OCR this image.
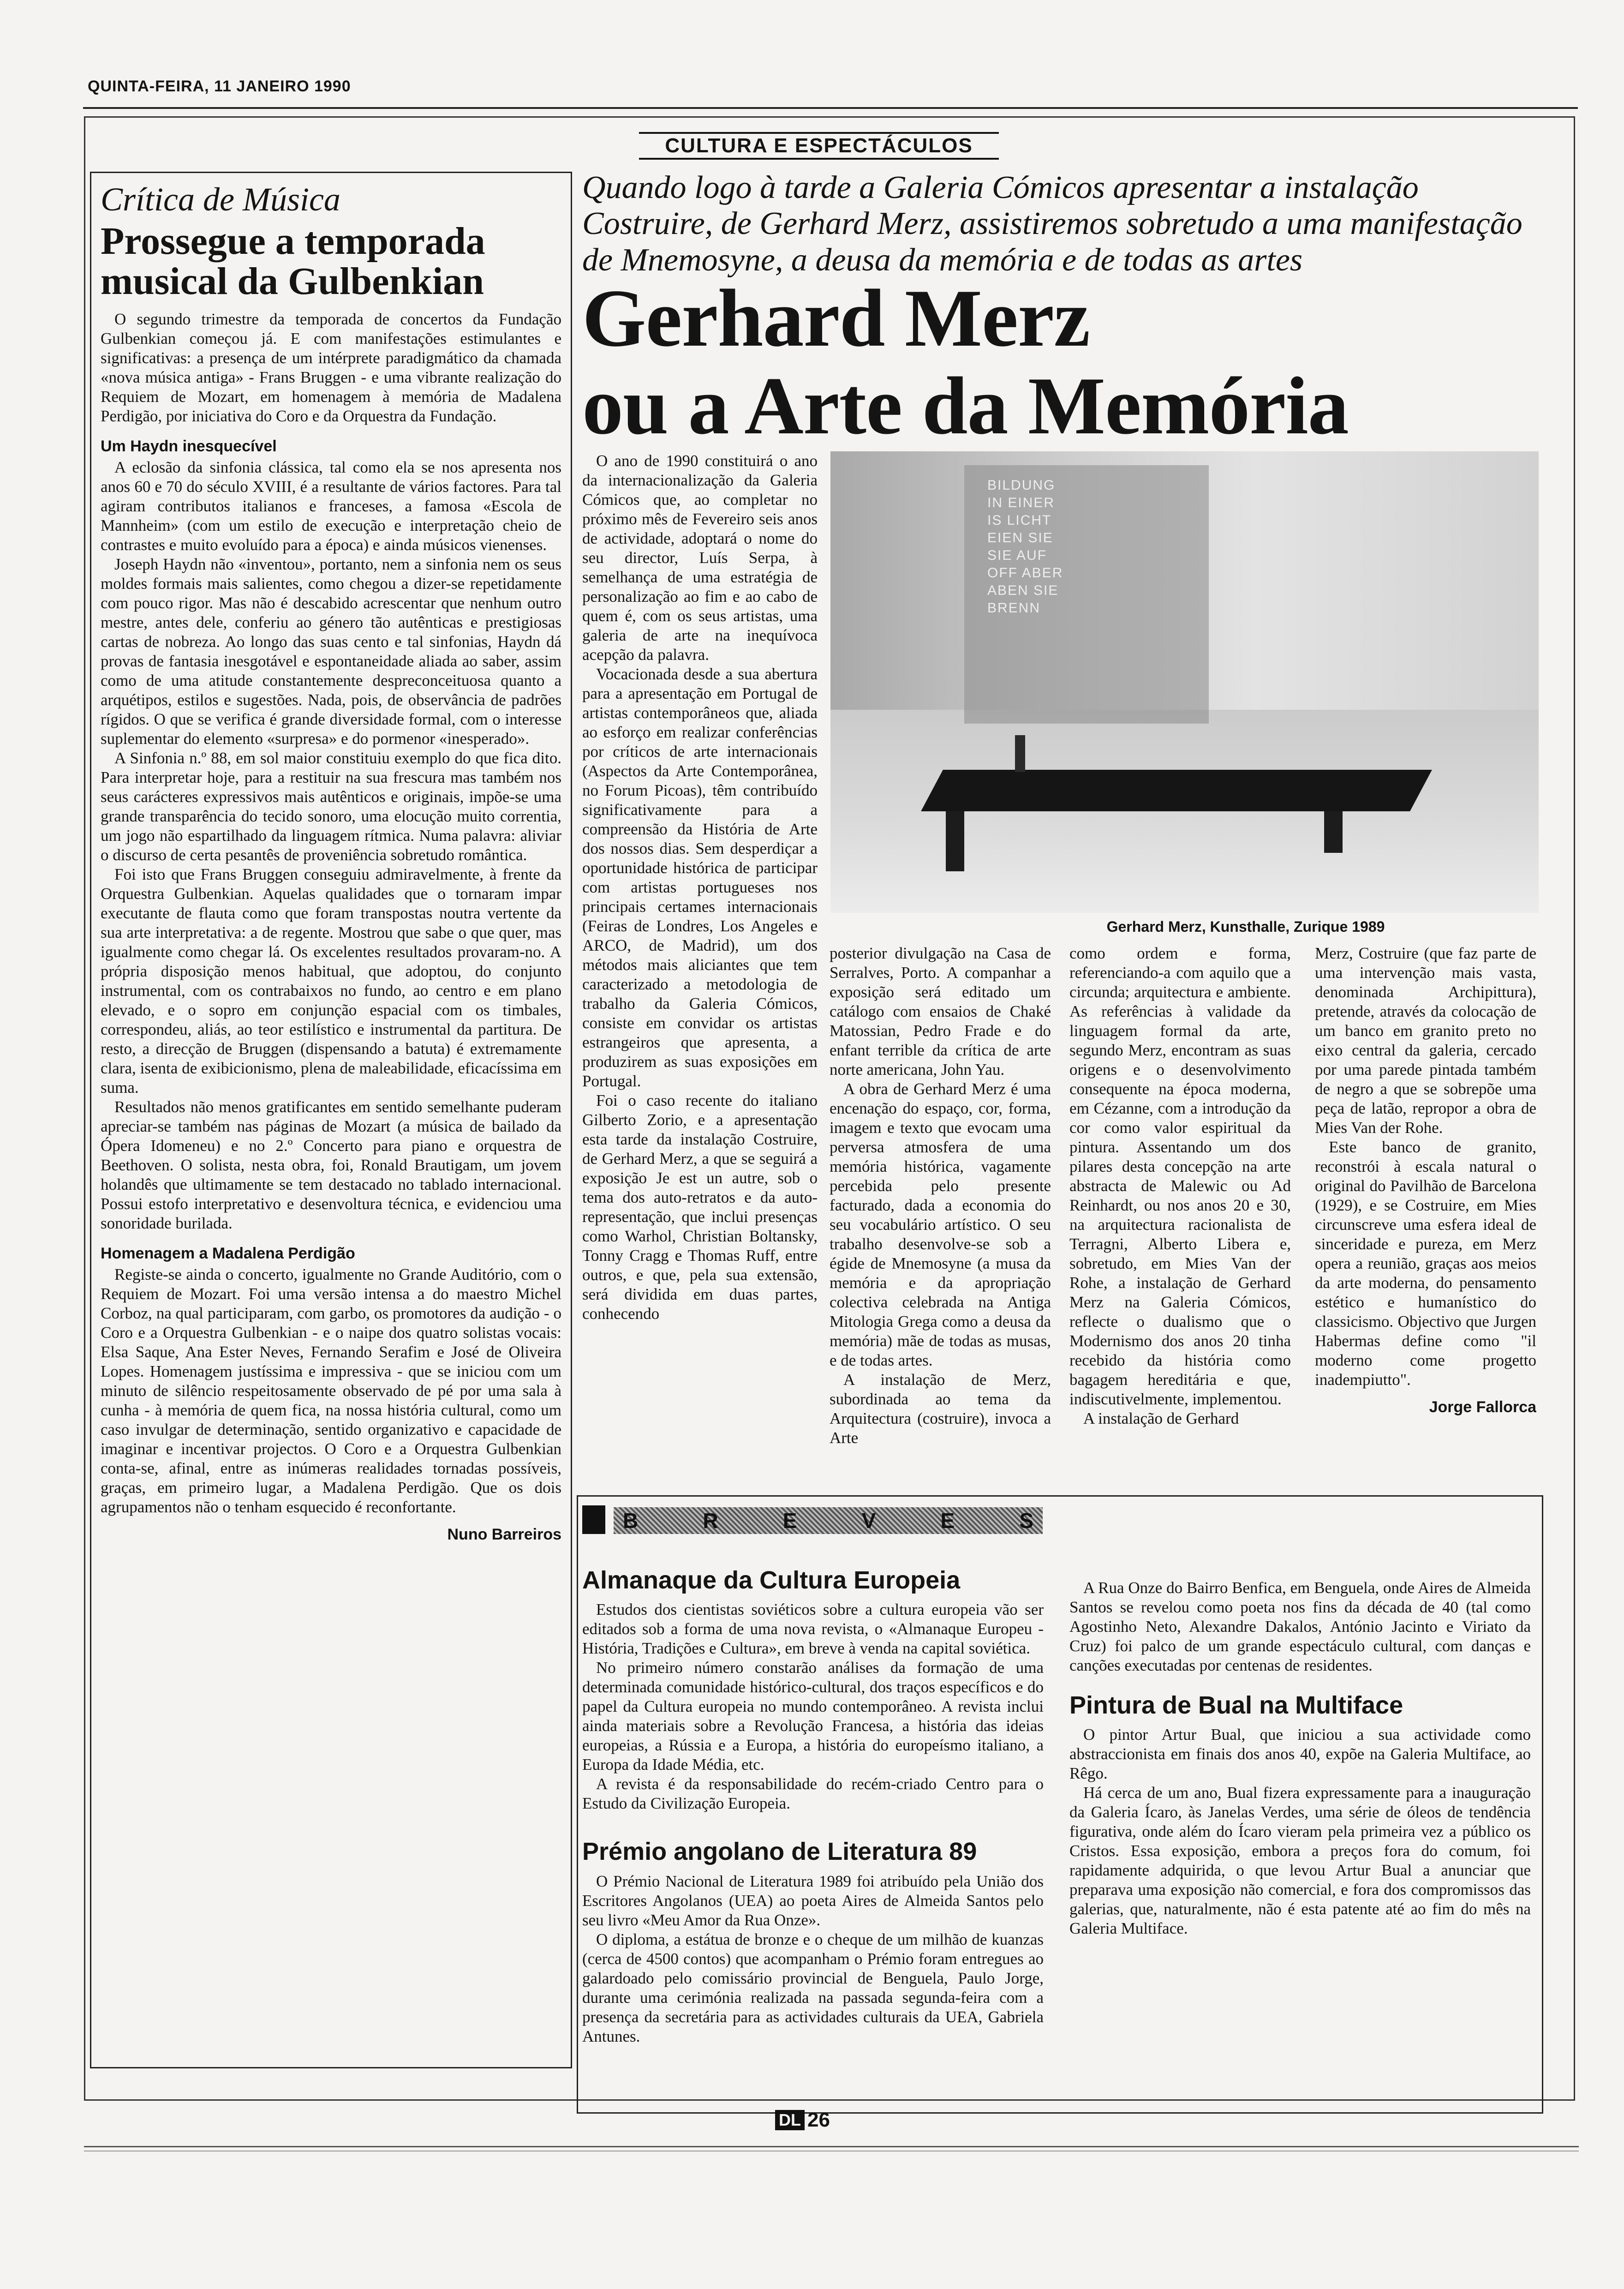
QUINTA-FEIRA, 11 JANEIRO 1990
CULTURA E ESPECTÁCULOS
Crítica de Música
Prossegue a temporada musical da Gulbenkian

O segundo trimestre da temporada de concertos da Fundação Gulbenkian começou já. E com manifestações estimulantes e significativas: a presença de um intérprete paradigmático da chamada «nova música antiga» - Frans Bruggen - e uma vibrante realização do Requiem de Mozart, em homenagem à memória de Madalena Perdigão, por iniciativa do Coro e da Orquestra da Fundação.

Um Haydn inesquecível

A eclosão da sinfonia clássica, tal como ela se nos apresenta nos anos 60 e 70 do século XVIII, é a resultante de vários factores. Para tal agiram contributos italianos e franceses, a famosa «Escola de Mannheim» (com um estilo de execução e interpretação cheio de contrastes e muito evoluído para a época) e ainda músicos vienenses.

Joseph Haydn não «inventou», portanto, nem a sinfonia nem os seus moldes formais mais salientes, como chegou a dizer-se repetidamente com pouco rigor. Mas não é descabido acrescentar que nenhum outro mestre, antes dele, conferiu ao género tão autênticas e prestigiosas cartas de nobreza. Ao longo das suas cento e tal sinfonias, Haydn dá provas de fantasia inesgotável e espontaneidade aliada ao saber, assim como de uma atitude constantemente despreconceituosa quanto a arquétipos, estilos e sugestões. Nada, pois, de observância de padrões rígidos. O que se verifica é grande diversidade formal, com o interesse suplementar do elemento «surpresa» e do pormenor «inesperado».

A Sinfonia n.º 88, em sol maior constituiu exemplo do que fica dito. Para interpretar hoje, para a restituir na sua frescura mas também nos seus carácteres expressivos mais autênticos e originais, impõe-se uma grande transparência do tecido sonoro, uma elocução muito correntia, um jogo não espartilhado da linguagem rítmica. Numa palavra: aliviar o discurso de certa pesantês de proveniência sobretudo romântica.

Foi isto que Frans Bruggen conseguiu admiravelmente, à frente da Orquestra Gulbenkian. Aquelas qualidades que o tornaram impar executante de flauta como que foram transpostas noutra vertente da sua arte interpretativa: a de regente. Mostrou que sabe o que quer, mas igualmente como chegar lá. Os excelentes resultados provaram-no. A própria disposição menos habitual, que adoptou, do conjunto instrumental, com os contrabaixos no fundo, ao centro e em plano elevado, e o sopro em conjunção espacial com os timbales, correspondeu, aliás, ao teor estilístico e instrumental da partitura. De resto, a direcção de Bruggen (dispensando a batuta) é extremamente clara, isenta de exibicionismo, plena de maleabilidade, eficacíssima em suma.

Resultados não menos gratificantes em sentido semelhante puderam apreciar-se também nas páginas de Mozart (a música de bailado da Ópera Idomeneu) e no 2.º Concerto para piano e orquestra de Beethoven. O solista, nesta obra, foi, Ronald Brautigam, um jovem holandês que ultimamente se tem destacado no tablado internacional. Possui estofo interpretativo e desenvoltura técnica, e evidenciou uma sonoridade burilada.

Homenagem a Madalena Perdigão

Registe-se ainda o concerto, igualmente no Grande Auditório, com o Requiem de Mozart. Foi uma versão intensa a do maestro Michel Corboz, na qual participaram, com garbo, os promotores da audição - o Coro e a Orquestra Gulbenkian - e o naipe dos quatro solistas vocais: Elsa Saque, Ana Ester Neves, Fernando Serafim e José de Oliveira Lopes. Homenagem justíssima e impressiva - que se iniciou com um minuto de silêncio respeitosamente observado de pé por uma sala à cunha - à memória de quem fica, na nossa história cultural, como um caso invulgar de determinação, sentido organizativo e capacidade de imaginar e incentivar projectos. O Coro e a Orquestra Gulbenkian conta-se, afinal, entre as inúmeras realidades tornadas possíveis, graças, em primeiro lugar, a Madalena Perdigão. Que os dois agrupamentos não o tenham esquecido é reconfortante.

Nuno Barreiros
Quando logo à tarde a Galeria Cómicos apresentar a instalação Costruire, de Gerhard Merz, assistiremos sobretudo a uma manifestação de Mnemosyne, a deusa da memória e de todas as artes
Gerhard Merz
ou a Arte da Memória
BILDUNG
IN EINER
IS LICHT
EIEN SIE
SIE AUF
OFF ABER
ABEN SIE
BRENN
Gerhard Merz, Kunsthalle, Zurique 1989

O ano de 1990 constituirá o ano da internacionalização da Galeria Cómicos que, ao completar no próximo mês de Fevereiro seis anos de actividade, adoptará o nome do seu director, Luís Serpa, à semelhança de uma estratégia de personalização ao fim e ao cabo de quem é, com os seus artistas, uma galeria de arte na inequívoca acepção da palavra.

Vocacionada desde a sua abertura para a apresentação em Portugal de artistas contemporâneos que, aliada ao esforço em realizar conferências por críticos de arte internacionais (Aspectos da Arte Contemporânea, no Forum Picoas), têm contribuído significativamente para a compreensão da História de Arte dos nossos dias. Sem desperdiçar a oportunidade histórica de participar com artistas portugueses nos principais certames internacionais (Feiras de Londres, Los Angeles e ARCO, de Madrid), um dos métodos mais aliciantes que tem caracterizado a metodologia de trabalho da Galeria Cómicos, consiste em convidar os artistas estrangeiros que apresenta, a produzirem as suas exposições em Portugal.

Foi o caso recente do italiano Gilberto Zorio, e a apresentação esta tarde da instalação Costruire, de Gerhard Merz, a que se seguirá a exposição Je est un autre, sob o tema dos auto-retratos e da auto-representação, que inclui presenças como Warhol, Christian Boltansky, Tonny Cragg e Thomas Ruff, entre outros, e que, pela sua extensão, será dividida em duas partes, conhecendo

posterior divulgação na Casa de Serralves, Porto. A companhar a exposição será editado um catálogo com ensaios de Chaké Matossian, Pedro Frade e do enfant terrible da crítica de arte norte americana, John Yau.

A obra de Gerhard Merz é uma encenação do espaço, cor, forma, imagem e texto que evocam uma perversa atmosfera de uma memória histórica, vagamente percebida pelo presente facturado, dada a economia do seu vocabulário artístico. O seu trabalho desenvolve-se sob a égide de Mnemosyne (a musa da memória e da apropriação colectiva celebrada na Antiga Mitologia Grega como a deusa da memória) mãe de todas as musas, e de todas artes.

A instalação de Merz, subordinada ao tema da Arquitectura (costruire), invoca a Arte

como ordem e forma, referenciando-a com aquilo que a circunda; arquitectura e ambiente. As referências à validade da linguagem formal da arte, segundo Merz, encontram as suas origens e o desenvolvimento consequente na época moderna, em Cézanne, com a introdução da cor como valor espiritual da pintura. Assentando um dos pilares desta concepção na arte abstracta de Malewic ou Ad Reinhardt, ou nos anos 20 e 30, na arquitectura racionalista de Terragni, Alberto Libera e, sobretudo, em Mies Van der Rohe, a instalação de Gerhard Merz na Galeria Cómicos, reflecte o dualismo que o Modernismo dos anos 20 tinha recebido da história como bagagem hereditária e que, indiscutivelmente, implementou.

A instalação de Gerhard

Merz, Costruire (que faz parte de uma intervenção mais vasta, denominada Archipittura), pretende, através da colocação de um banco em granito preto no eixo central da galeria, cercado por uma parede pintada também de negro a que se sobrepõe uma peça de latão, repropor a obra de Mies Van der Rohe.

Este banco de granito, reconstrói à escala natural o original do Pavilhão de Barcelona (1929), e se Costruire, em Mies circunscreve uma esfera ideal de sinceridade e pureza, em Merz opera a reunião, graças aos meios da arte moderna, do pensamento estético e humanístico do classicismo. Objectivo que Jurgen Habermas define como "il moderno come progetto inadempiutto".

Jorge Fallorca
B	R	E	V	E	S
Almanaque da Cultura Europeia

Estudos dos cientistas soviéticos sobre a cultura europeia vão ser editados sob a forma de uma nova revista, o «Almanaque Europeu - História, Tradições e Cultura», em breve à venda na capital soviética.

No primeiro número constarão análises da formação de uma determinada comunidade histórico-cultural, dos traços específicos e do papel da Cultura europeia no mundo contemporâneo. A revista inclui ainda materiais sobre a Revolução Francesa, a história das ideias europeias, a Rússia e a Europa, a história do europeísmo italiano, a Europa da Idade Média, etc.

A revista é da responsabilidade do recém-criado Centro para o Estudo da Civilização Europeia.

Prémio angolano de Literatura 89

O Prémio Nacional de Literatura 1989 foi atribuído pela União dos Escritores Angolanos (UEA) ao poeta Aires de Almeida Santos pelo seu livro «Meu Amor da Rua Onze».

O diploma, a estátua de bronze e o cheque de um milhão de kuanzas (cerca de 4500 contos) que acompanham o Prémio foram entregues ao galardoado pelo comissário provincial de Benguela, Paulo Jorge, durante uma cerimónia realizada na passada segunda-feira com a presença da secretária para as actividades culturais da UEA, Gabriela Antunes.

A Rua Onze do Bairro Benfica, em Benguela, onde Aires de Almeida Santos se revelou como poeta nos fins da década de 40 (tal como Agostinho Neto, Alexandre Dakalos, António Jacinto e Viriato da Cruz) foi palco de um grande espectáculo cultural, com danças e canções executadas por centenas de residentes.

Pintura de Bual na Multiface

O pintor Artur Bual, que iniciou a sua actividade como abstraccionista em finais dos anos 40, expõe na Galeria Multiface, ao Rêgo.

Há cerca de um ano, Bual fizera expressamente para a inauguração da Galeria Ícaro, às Janelas Verdes, uma série de óleos de tendência figurativa, onde além do Ícaro vieram pela primeira vez a público os Cristos. Essa exposição, embora a preços fora do comum, foi rapidamente adquirida, o que levou Artur Bual a anunciar que preparava uma exposição não comercial, e fora dos compromissos das galerias, que, naturalmente, não é esta patente até ao fim do mês na Galeria Multiface.

DL 26
